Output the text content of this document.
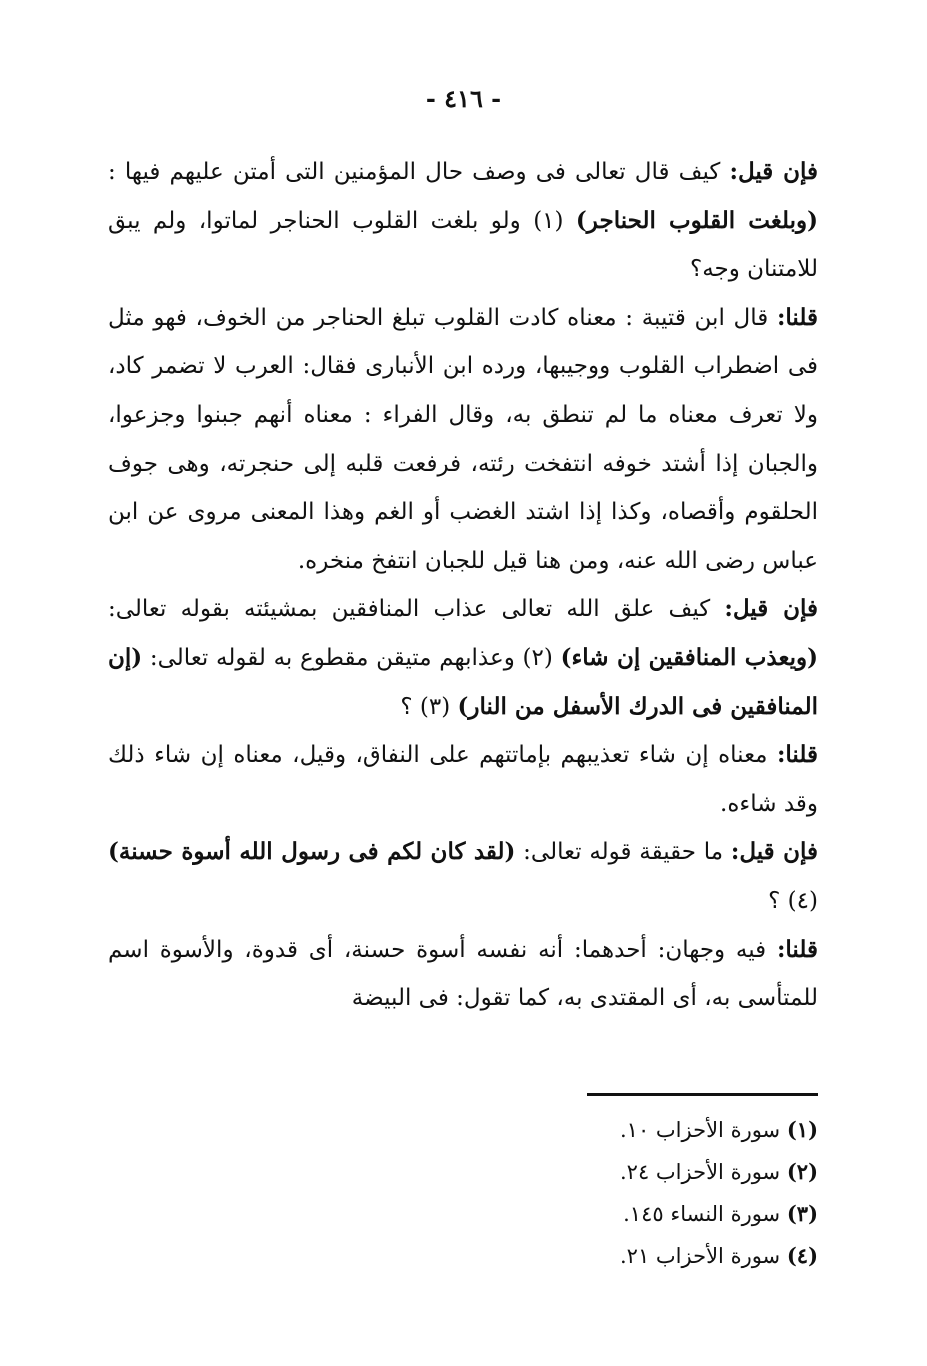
- ٤١٦ -

فإن قيل: كيف قال تعالى فى وصف حال المؤمنين التى أمتن عليهم فيها : (وبلغت القلوب الحناجر) (١) ولو بلغت القلوب الحناجر لماتوا، ولم يبق للامتنان وجه؟

قلنا: قال ابن قتيبة : معناه كادت القلوب تبلغ الحناجر من الخوف، فهو مثل فى اضطراب القلوب ووجيبها، ورده ابن الأنبارى فقال: العرب لا تضمر كاد، ولا تعرف معناه ما لم تنطق به، وقال الفراء : معناه أنهم جبنوا وجزعوا، والجبان إذا أشتد خوفه انتفخت رئته، فرفعت قلبه إلى حنجرته، وهى جوف الحلقوم وأقصاه، وكذا إذا اشتد الغضب أو الغم وهذا المعنى مروى عن ابن عباس رضى الله عنه، ومن هنا قيل للجبان انتفخ منخره.

فإن قيل: كيف علق الله تعالى عذاب المنافقين بمشيئته بقوله تعالى: (ويعذب المنافقين إن شاء) (٢) وعذابهم متيقن مقطوع به لقوله تعالى: (إن المنافقين فى الدرك الأسفل من النار) (٣) ؟

قلنا: معناه إن شاء تعذيبهم بإماتتهم على النفاق، وقيل، معناه إن شاء ذلك وقد شاءه.

فإن قيل: ما حقيقة قوله تعالى: (لقد كان لكم فى رسول الله أسوة حسنة) (٤) ؟

قلنا: فيه وجهان: أحدهما: أنه نفسه أسوة حسنة، أى قدوة، والأسوة اسم للمتأسى به، أى المقتدى به، كما تقول: فى البيضة

(١) سورة الأحزاب ١٠.

(٢) سورة الأحزاب ٢٤.

(٣) سورة النساء ١٤٥.

(٤) سورة الأحزاب ٢١.
